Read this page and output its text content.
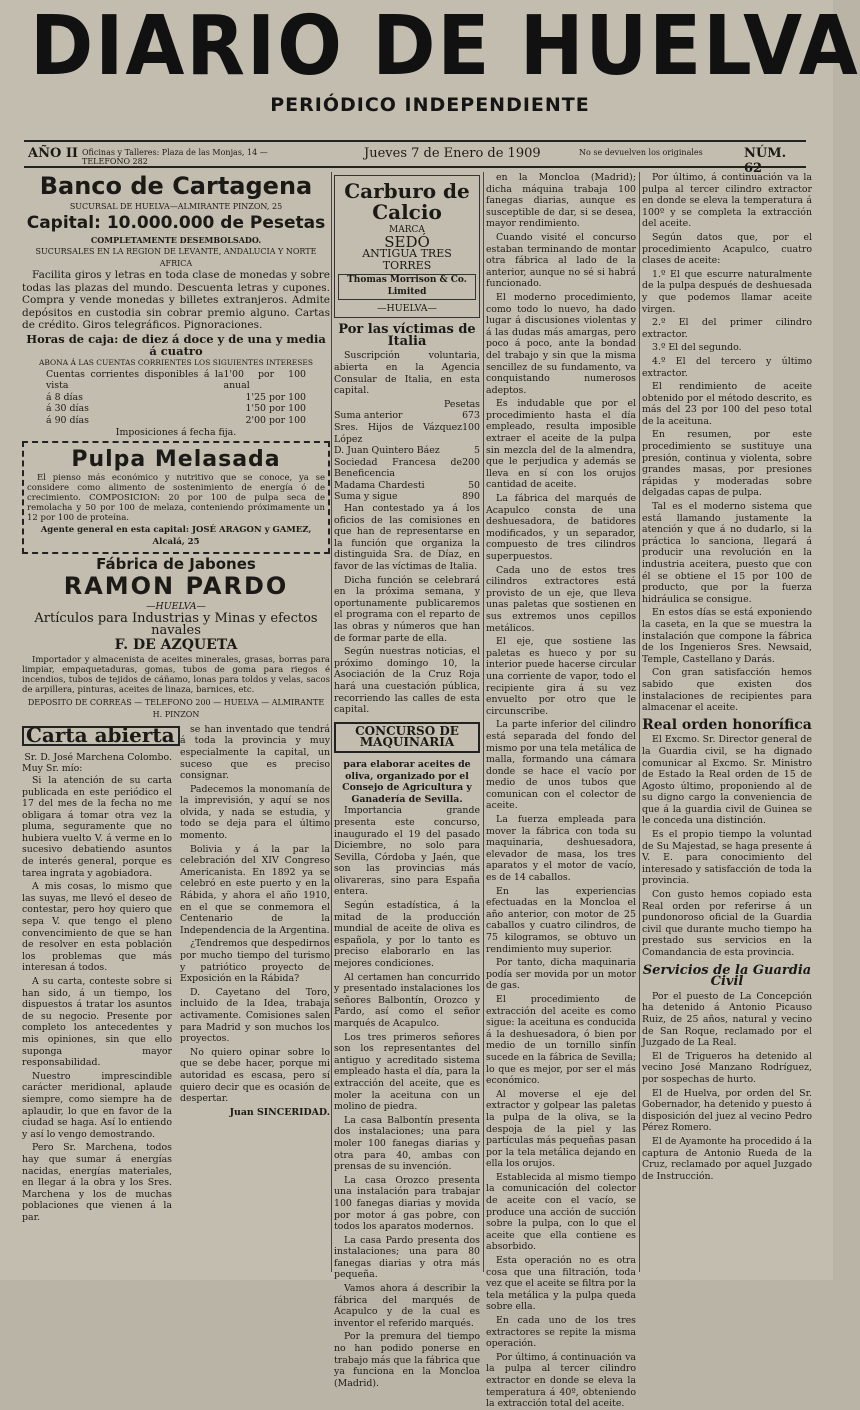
DIARIO DE HUELVA
PERIÓDICO INDEPENDIENTE
AÑO II Oficinas y Talleres: Plaza de las Monjas, 14 — TELEFONO 282
Jueves 7 de Enero de 1909	No se devuelven los originales	NÚM. 62
Banco de Cartagena
SUCURSAL DE HUELVA—ALMIRANTE PINZON, 25
Capital: 10.000.000 de Pesetas
COMPLETAMENTE DESEMBOLSADO.
SUCURSALES EN LA REGION DE LEVANTE, ANDALUCIA Y NORTE AFRICA

Facilita giros y letras en toda clase de monedas y sobre todas las plazas del mundo. Descuenta letras y cupones. Compra y vende monedas y billetes extranjeros. Admite depósitos en custodia sin cobrar premio alguno. Cartas de crédito. Giros telegráficos. Pignoraciones.

Horas de caja: de diez á doce y de una y media á cuatro
ABONA Á LAS CUENTAS CORRIENTES LOS SIGUIENTES INTERESES
Cuentas corrientes disponibles á la vista
1'00 por 100 anual
á 8 días	1'25 por 100
á 30 días	1'50 por 100
á 90 días	2'00 por 100
Imposiciones á fecha fija.
Pulpa Melasada

El pienso más económico y nutritivo que se conoce, ya se considere como alimento de sostenimiento de energía ó de crecimiento. COMPOSICION: 20 por 100 de pulpa seca de remolacha y 50 por 100 de melaza, conteniendo próximamente un 12 por 100 de proteína.

Agente general en esta capital: JOSÉ ARAGON y GAMEZ, Alcalá, 25
Fábrica de Jabones
RAMON PARDO
—HUELVA—
Artículos para Industrias y Minas y efectos navales
F. DE AZQUETA

Importador y almacenista de aceites minerales, grasas, borras para limpiar, empaquetaduras, gomas, tubos de goma para riegos é incendios, tubos de tejidos de cáñamo, lonas para toldos y velas, sacos de arpillera, pinturas, aceites de linaza, barnices, etc.

DEPOSITO DE CORREAS — TELEFONO 200 — HUELVA — ALMIRANTE H. PINZON
Carta abierta
Sr. D. José Marchena Colombo.
Muy Sr. mío:

Si la atención de su carta publicada en este periódico el 17 del mes de la fecha no me obligara á tomar otra vez la pluma, seguramente que no hubiera vuelto V. á verme en lo sucesivo debatiendo asuntos de interés general, porque es tarea ingrata y agobiadora.

A mis cosas, lo mismo que las suyas, me llevó el deseo de contestar, pero hoy quiero que sepa V. que tengo el pleno convencimiento de que se han de resolver en esta población los problemas que más interesan á todos.

A su carta, conteste sobre si han sido, á un tiempo, los dispuestos á tratar los asuntos de su negocio. Presente por completo los antecedentes y mis opiniones, sin que ello suponga mayor responsabilidad.

Nuestro imprescindible carácter meridional, aplaude siempre, como siempre ha de aplaudir, lo que en favor de la ciudad se haga. Así lo entiendo y así lo vengo demostrando.

Pero Sr. Marchena, todos hay que sumar á energías nacidas, energías materiales, en llegar á la obra y los Sres. Marchena y los de muchas poblaciones que vienen á la par.

se han inventado que tendrá á toda la provincia y muy especialmente la capital, un suceso que es preciso consignar.

Padecemos la monomanía de la imprevisión, y aquí se nos olvida, y nada se estudia, y todo se deja para el último momento.

Bolivia y á la par la celebración del XIV Congreso Americanista. En 1892 ya se celebró en este puerto y en la Rábida, y ahora el año 1910, en el que se conmemora el Centenario de la Independencia de la Argentina.

¿Tendremos que despedirnos por mucho tiempo del turismo y patriótico proyecto de Exposición en la Rábida?

D. Cayetano del Toro, incluido de la Idea, trabaja activamente. Comisiones salen para Madrid y son muchos los proyectos.

No quiero opinar sobre lo que se debe hacer, porque mi autoridad es escasa, pero sí quiero decir que es ocasión de despertar.

Juan SINCERIDAD.
Carburo de Calcio
MARCA
SEDÓ
ANTIGUA TRES TORRES
Thomas Morrison & Co. Limited
—HUELVA—
Por las víctimas de Italia

Suscripción voluntaria, abierta en la Agencia Consular de Italia, en esta capital.

Pesetas
Suma anterior	673
Sres. Hijos de Vázquez López
100
D. Juan Quintero Báez	5
Sociedad Francesa de Beneficencia
200
Madama Chardesti	50
Suma y sigue	890

Han contestado ya á los oficios de las comisiones en que han de representarse en la función que organiza la distinguida Sra. de Díaz, en favor de las víctimas de Italia.

Dicha función se celebrará en la próxima semana, y oportunamente publicaremos el programa con el reparto de las obras y números que han de formar parte de ella.

Según nuestras noticias, el próximo domingo 10, la Asociación de la Cruz Roja hará una cuestación pública, recorriendo las calles de esta capital.

CONCURSO DE MAQUINARIA
para elaborar aceites de oliva, organizado por el Consejo de Agricultura y Ganadería de Sevilla.

Importancia grande presenta este concurso, inaugurado el 19 del pasado Diciembre, no solo para Sevilla, Córdoba y Jaén, que son las provincias más olivareras, sino para España entera.

Según estadística, á la mitad de la producción mundial de aceite de oliva es española, y por lo tanto es preciso elaborarlo en las mejores condiciones.

Al certamen han concurrido y presentado instalaciones los señores Balbontín, Orozco y Pardo, así como el señor marqués de Acapulco.

Los tres primeros señores son los representantes del antiguo y acreditado sistema empleado hasta el día, para la extracción del aceite, que es moler la aceituna con un molino de piedra.

La casa Balbontín presenta dos instalaciones; una para moler 100 fanegas diarias y otra para 40, ambas con prensas de su invención.

La casa Orozco presenta una instalación para trabajar 100 fanegas diarias y movida por motor á gas pobre, con todos los aparatos modernos.

La casa Pardo presenta dos instalaciones; una para 80 fanegas diarias y otra más pequeña.

Vamos ahora á describir la fábrica del marqués de Acapulco y de la cual es inventor el referido marqués.

Por la premura del tiempo no han podido ponerse en trabajo más que la fábrica que ya funciona en la Moncloa (Madrid).

en la Moncloa (Madrid); dicha máquina trabaja 100 fanegas diarias, aunque es susceptible de dar, si se desea, mayor rendimiento.

Cuando visité el concurso estaban terminando de montar otra fábrica al lado de la anterior, aunque no sé si habrá funcionado.

El moderno procedimiento, como todo lo nuevo, ha dado lugar á discusiones violentas y á las dudas más amargas, pero poco á poco, ante la bondad del trabajo y sin que la misma sencillez de su fundamento, va conquistando numerosos adeptos.

Es indudable que por el procedimiento hasta el día empleado, resulta imposible extraer el aceite de la pulpa sin mezcla del de la almendra, que le perjudica y además se lleva en sí con los orujos cantidad de aceite.

La fábrica del marqués de Acapulco consta de una deshuesadora, de batidores modificados, y un separador, compuesto de tres cilindros superpuestos.

Cada uno de estos tres cilindros extractores está provisto de un eje, que lleva unas paletas que sostienen en sus extremos unos cepillos metálicos.

El eje, que sostiene las paletas es hueco y por su interior puede hacerse circular una corriente de vapor, todo el recipiente gira á su vez envuelto por otro que le circunscribe.

La parte inferior del cilindro está separada del fondo del mismo por una tela metálica de malla, formando una cámara donde se hace el vacío por medio de unos tubos que comunican con el colector de aceite.

La fuerza empleada para mover la fábrica con toda su maquinaria, deshuesadora, elevador de masa, los tres aparatos y el motor de vacío, es de 14 caballos.

En las experiencias efectuadas en la Moncloa el año anterior, con motor de 25 caballos y cuatro cilindros, de 75 kilogramos, se obtuvo un rendimiento muy superior.

Por tanto, dicha maquinaria podía ser movida por un motor de gas.

El procedimiento de extracción del aceite es como sigue: la aceituna es conducida á la deshuesadora, ó bien por medio de un tornillo sinfín sucede en la fábrica de Sevilla; lo que es mejor, por ser el más económico.

Al moverse el eje del extractor y golpear las paletas la pulpa de la oliva, se la despoja de la piel y las partículas más pequeñas pasan por la tela metálica dejando en ella los orujos.

Establecida al mismo tiempo la comunicación del colector de aceite con el vacío, se produce una acción de succión sobre la pulpa, con lo que el aceite que ella contiene es absorbido.

Esta operación no es otra cosa que una filtración, toda vez que el aceite se filtra por la tela metálica y la pulpa queda sobre ella.

En cada uno de los tres extractores se repite la misma operación.

Por último, á continuación va la pulpa al tercer cilindro extractor en donde se eleva la temperatura á 40º, obteniendo la extracción total del aceite.

Por último, á continuación va la pulpa al tercer cilindro extractor en donde se eleva la temperatura á 100º y se completa la extracción del aceite.

Según datos que, por el procedimiento Acapulco, cuatro clases de aceite:

1.º El que escurre naturalmente de la pulpa después de deshuesada y que podemos llamar aceite virgen.

2.º El del primer cilindro extractor.

3.º El del segundo.

4.º El del tercero y último extractor.

El rendimiento de aceite obtenido por el método descrito, es más del 23 por 100 del peso total de la aceituna.

En resumen, por este procedimiento se sustituye una presión, continua y violenta, sobre grandes masas, por presiones rápidas y moderadas sobre delgadas capas de pulpa.

Tal es el moderno sistema que está llamando justamente la atención y que á no dudarlo, si la práctica lo sanciona, llegará á producir una revolución en la industria aceitera, puesto que con él se obtiene el 15 por 100 de producto, que por la fuerza hidráulica se consigue.

En estos días se está exponiendo la caseta, en la que se muestra la instalación que compone la fábrica de los Ingenieros Sres. Newsaid, Temple, Castellano y Darás.

Con gran satisfacción hemos sabido que existen dos instalaciones de recipientes para almacenar el aceite.

Real orden honorífica

El Excmo. Sr. Director general de la Guardia civil, se ha dignado comunicar al Excmo. Sr. Ministro de Estado la Real orden de 15 de Agosto último, proponiendo al de su digno cargo la conveniencia de que á la guardia civil de Guinea se le conceda una distinción.

Es el propio tiempo la voluntad de Su Majestad, se haga presente á V. E. para conocimiento del interesado y satisfacción de toda la provincia.

Con gusto hemos copiado esta Real orden por referirse á un pundonoroso oficial de la Guardia civil que durante mucho tiempo ha prestado sus servicios en la Comandancia de esta provincia.

Servicios de la Guardia Civil

Por el puesto de La Concepción ha detenido á Antonio Picauso Ruiz, de 25 años, natural y vecino de San Roque, reclamado por el Juzgado de La Real.

El de Trigueros ha detenido al vecino José Manzano Rodríguez, por sospechas de hurto.

El de Huelva, por orden del Sr. Gobernador, ha detenido y puesto á disposición del juez al vecino Pedro Pérez Romero.

El de Ayamonte ha procedido á la captura de Antonio Rueda de la Cruz, reclamado por aquel Juzgado de Instrucción.
